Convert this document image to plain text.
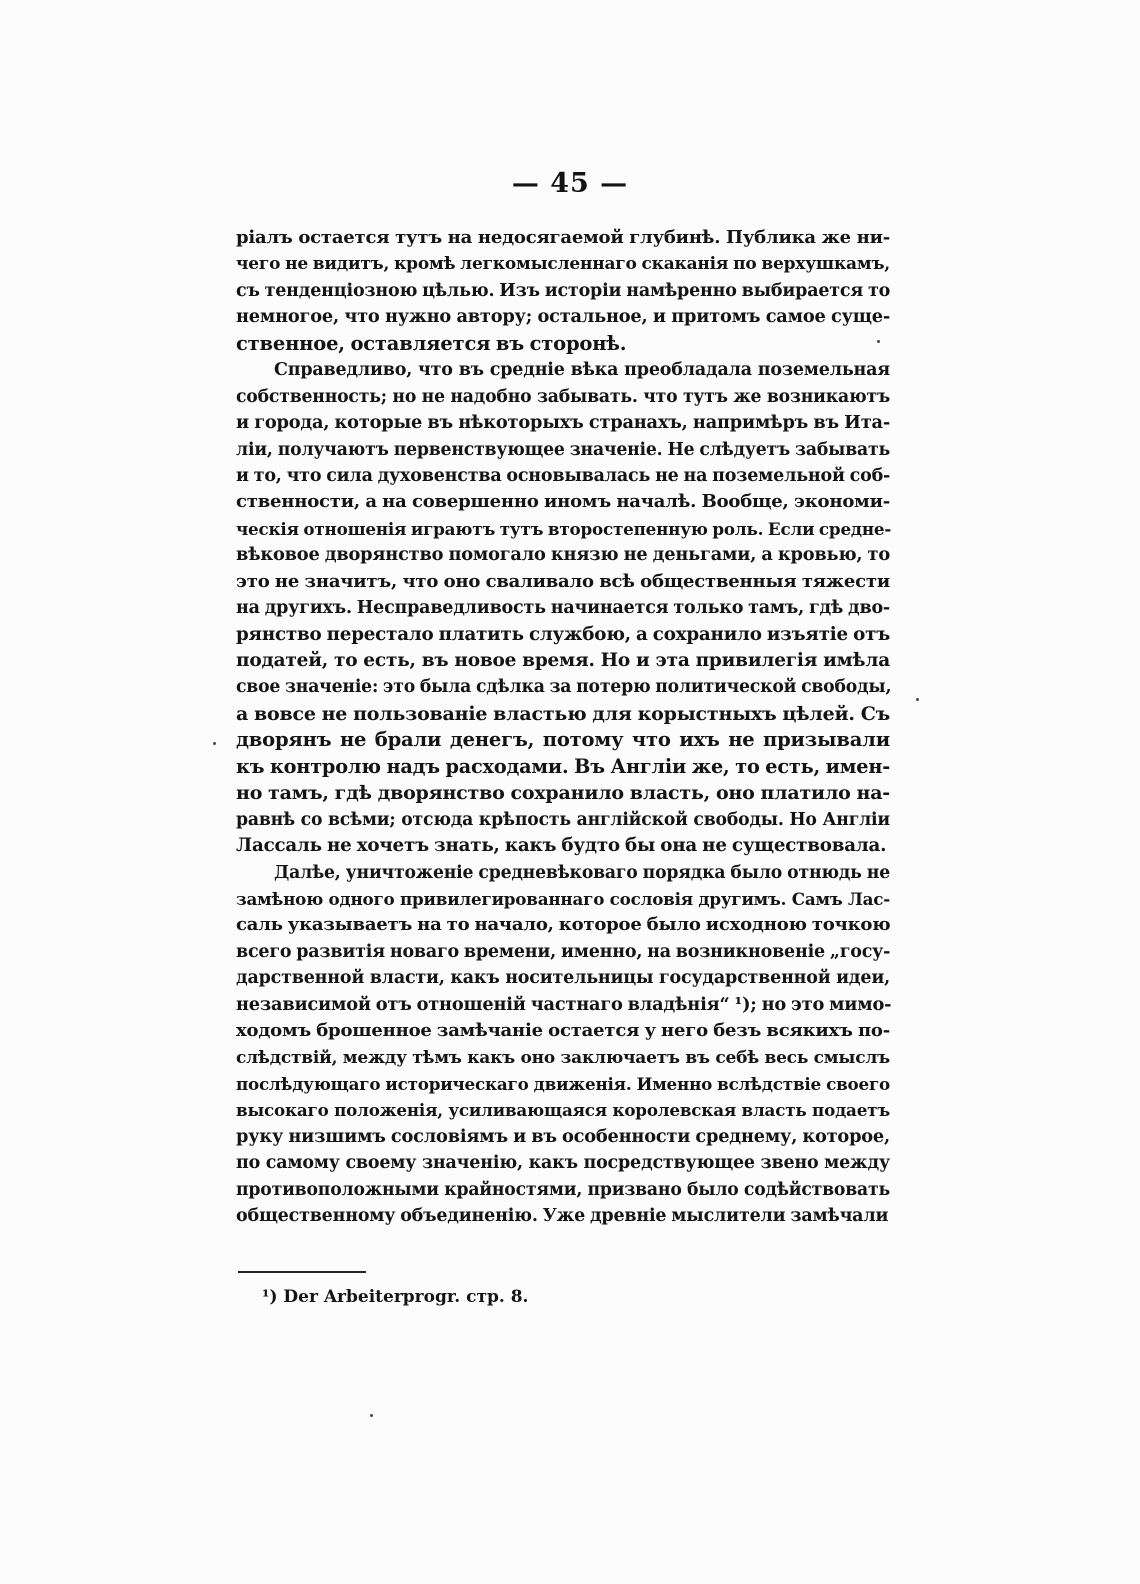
— 45 —
ріалъ остается тутъ на недосягаемой глубинѣ. Публика же ни-
чего не видитъ, кромѣ легкомысленнаго скаканія по верхушкамъ,
съ тенденціозною цѣлью. Изъ исторіи намѣренно выбирается то
немногое, что нужно автору; остальное, и притомъ самое суще-
ственное, оставляется въ сторонѣ.
Справедливо, что въ средніе вѣка преобладала поземельная
собственность; но не надобно забывать. что тутъ же возникаютъ
и города, которые въ нѣкоторыхъ странахъ, напримѣръ въ Ита-
ліи, получаютъ первенствующее значеніе. Не слѣдуетъ забывать
и то, что сила духовенства основывалась не на поземельной соб-
ственности, а на совершенно иномъ началѣ. Вообще, экономи-
ческія отношенія играютъ тутъ второстепенную роль. Если средне-
вѣковое дворянство помогало князю не деньгами, а кровью, то
это не значитъ, что оно сваливало всѣ общественныя тяжести
на другихъ. Несправедливость начинается только тамъ, гдѣ дво-
рянство перестало платить службою, а сохранило изъятіе отъ
податей, то есть, въ новое время. Но и эта привилегія имѣла
свое значеніе: это была сдѣлка за потерю политической свободы,
а вовсе не пользованіе властью для корыстныхъ цѣлей. Съ
дворянъ не брали денегъ, потому что ихъ не призывали
къ контролю надъ расходами. Въ Англіи же, то есть, имен-
но тамъ, гдѣ дворянство сохранило власть, оно платило на-
равнѣ со всѣми; отсюда крѣпость англійской свободы. Но Англіи
Лассаль не хочетъ знать, какъ будто бы она не существовала.
Далѣе, уничтоженіе средневѣковаго порядка было отнюдь не
замѣною одного привилегированнаго сословія другимъ. Самъ Лас-
саль указываетъ на то начало, которое было исходною точкою
всего развитія новаго времени, именно, на возникновеніе „госу-
дарственной власти, какъ носительницы государственной идеи,
независимой отъ отношеній частнаго владѣнія“ ¹); но это мимо-
ходомъ брошенное замѣчаніе остается у него безъ всякихъ по-
слѣдствій, между тѣмъ какъ оно заключаетъ въ себѣ весь смыслъ
послѣдующаго историческаго движенія. Именно вслѣдствіе своего
высокаго положенія, усиливающаяся королевская власть подаетъ
руку низшимъ сословіямъ и въ особенности среднему, которое,
по самому своему значенію, какъ посредствующее звено между
противоположными крайностями, призвано было содѣйствовать
общественному объединенію. Уже древніе мыслители замѣчали
¹) Der Arbeiterprogr. стр. 8.
